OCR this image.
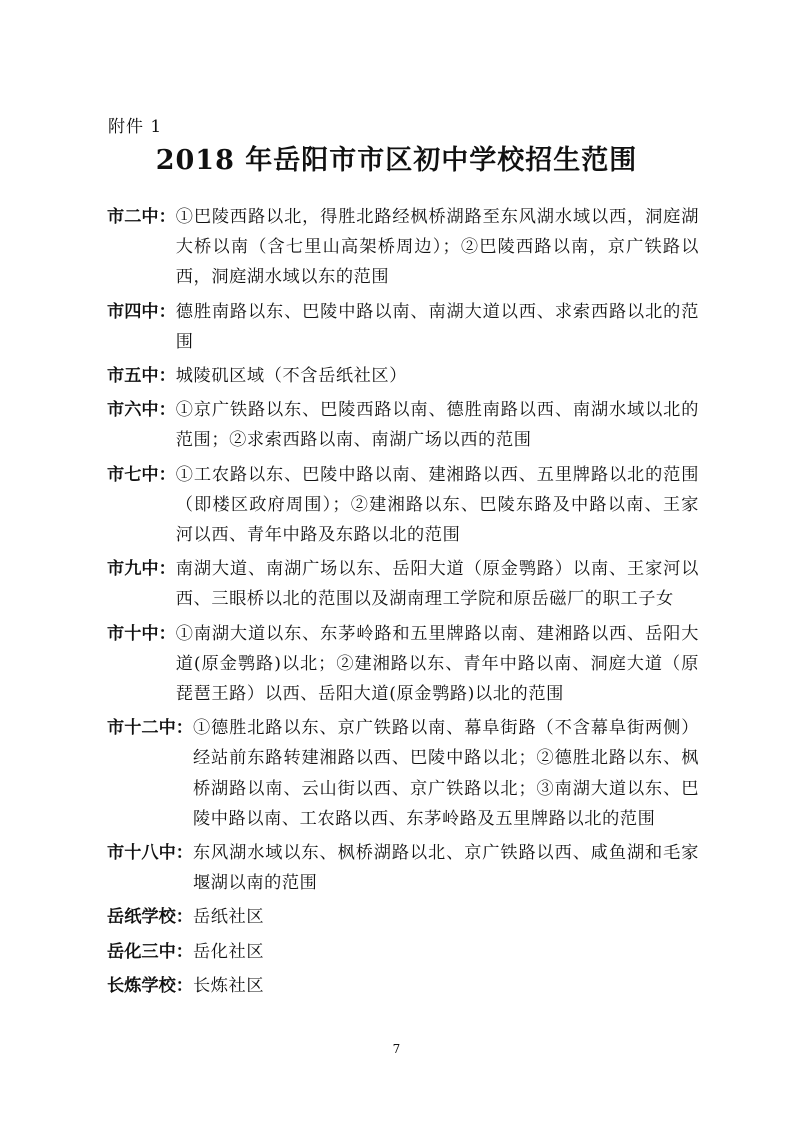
附件 1
2018 年岳阳市市区初中学校招生范围
市二中： ①巴陵西路以北，得胜北路经枫桥湖路至东风湖水域以西，洞庭湖大桥以南（含七里山高架桥周边）；②巴陵西路以南，京广铁路以西，洞庭湖水域以东的范围
市四中： 德胜南路以东、巴陵中路以南、南湖大道以西、求索西路以北的范围
市五中： 城陵矶区域（不含岳纸社区）
市六中： ①京广铁路以东、巴陵西路以南、德胜南路以西、南湖水域以北的范围；②求索西路以南、南湖广场以西的范围
市七中： ①工农路以东、巴陵中路以南、建湘路以西、五里牌路以北的范围（即楼区政府周围）；②建湘路以东、巴陵东路及中路以南、王家河以西、青年中路及东路以北的范围
市九中： 南湖大道、南湖广场以东、岳阳大道（原金鹗路）以南、王家河以西、三眼桥以北的范围以及湖南理工学院和原岳磁厂的职工子女
市十中： ①南湖大道以东、东茅岭路和五里牌路以南、建湘路以西、岳阳大道(原金鹗路)以北；②建湘路以东、青年中路以南、洞庭大道（原琵琶王路）以西、岳阳大道(原金鹗路)以北的范围
市十二中： ①德胜北路以东、京广铁路以南、幕阜街路（不含幕阜街两侧）经站前东路转建湘路以西、巴陵中路以北；②德胜北路以东、枫桥湖路以南、云山街以西、京广铁路以北；③南湖大道以东、巴陵中路以南、工农路以西、东茅岭路及五里牌路以北的范围
市十八中： 东风湖水域以东、枫桥湖路以北、京广铁路以西、咸鱼湖和毛家堰湖以南的范围
岳纸学校： 岳纸社区
岳化三中： 岳化社区
长炼学校： 长炼社区
7
